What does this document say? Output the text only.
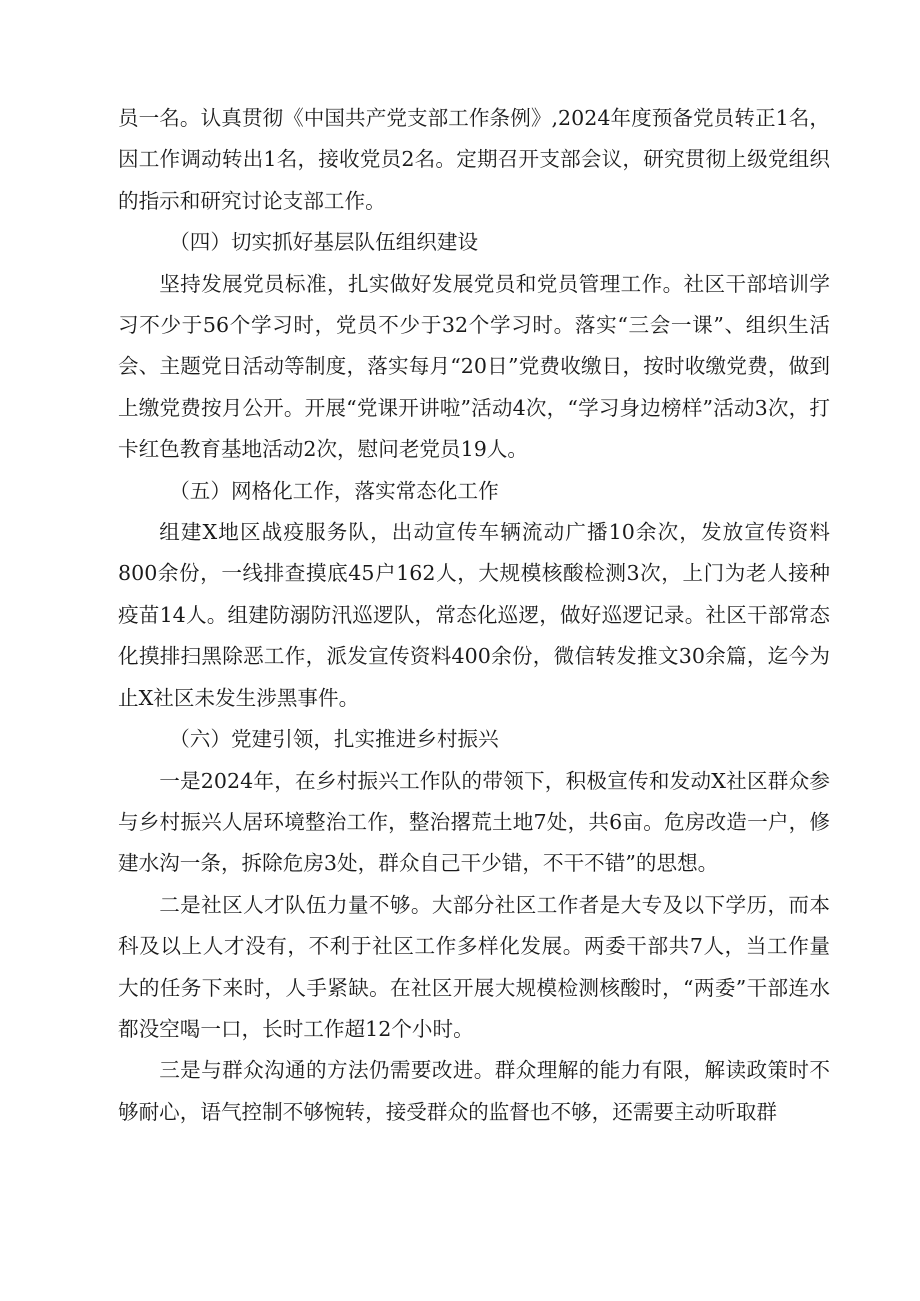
员一名。认真贯彻《中国共产党支部工作条例》,2024年度预备党员转正1名，因工作调动转出1名，接收党员2名。定期召开支部会议，研究贯彻上级党组织的指示和研究讨论支部工作。

（四）切实抓好基层队伍组织建设

坚持发展党员标准，扎实做好发展党员和党员管理工作。社区干部培训学习不少于56个学习时，党员不少于32个学习时。落实“三会一课”、组织生活会、主题党日活动等制度，落实每月“20日”党费收缴日，按时收缴党费，做到上缴党费按月公开。开展“党课开讲啦”活动4次，“学习身边榜样”活动3次，打卡红色教育基地活动2次，慰问老党员19人。

（五）网格化工作，落实常态化工作

组建X地区战疫服务队，出动宣传车辆流动广播10余次，发放宣传资料800余份，一线排查摸底45户162人，大规模核酸检测3次，上门为老人接种疫苗14人。组建防溺防汛巡逻队，常态化巡逻，做好巡逻记录。社区干部常态化摸排扫黑除恶工作，派发宣传资料400余份，微信转发推文30余篇，迄今为止X社区未发生涉黑事件。

（六）党建引领，扎实推进乡村振兴

一是2024年，在乡村振兴工作队的带领下，积极宣传和发动X社区群众参与乡村振兴人居环境整治工作，整治撂荒土地7处，共6亩。危房改造一户，修建水沟一条，拆除危房3处，群众自己干少错，不干不错”的思想。

二是社区人才队伍力量不够。大部分社区工作者是大专及以下学历，而本科及以上人才没有，不利于社区工作多样化发展。两委干部共7人，当工作量大的任务下来时，人手紧缺。在社区开展大规模检测核酸时，“两委”干部连水都没空喝一口，长时工作超12个小时。

三是与群众沟通的方法仍需要改进。群众理解的能力有限，解读政策时不够耐心，语气控制不够惋转，接受群众的监督也不够，还需要主动听取群
